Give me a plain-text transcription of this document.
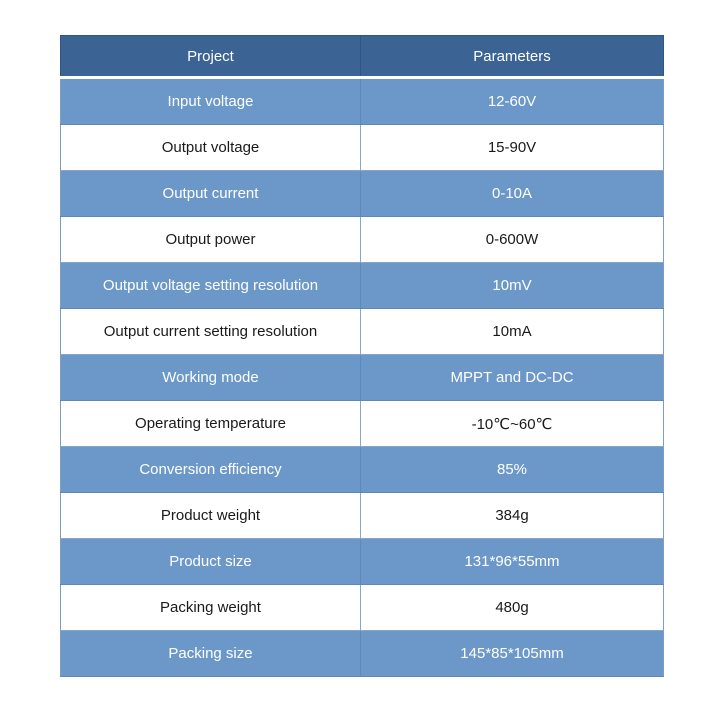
Project	Parameters
Input voltage	12-60V
Output voltage	15-90V
Output current	0-10A
Output power	0-600W
Output voltage setting resolution	10mV
Output current setting resolution	10mA
Working mode	MPPT and DC-DC
Operating temperature	-10℃~60℃
Conversion efficiency	85%
Product weight	384g
Product size	131*96*55mm
Packing weight	480g
Packing size	145*85*105mm
